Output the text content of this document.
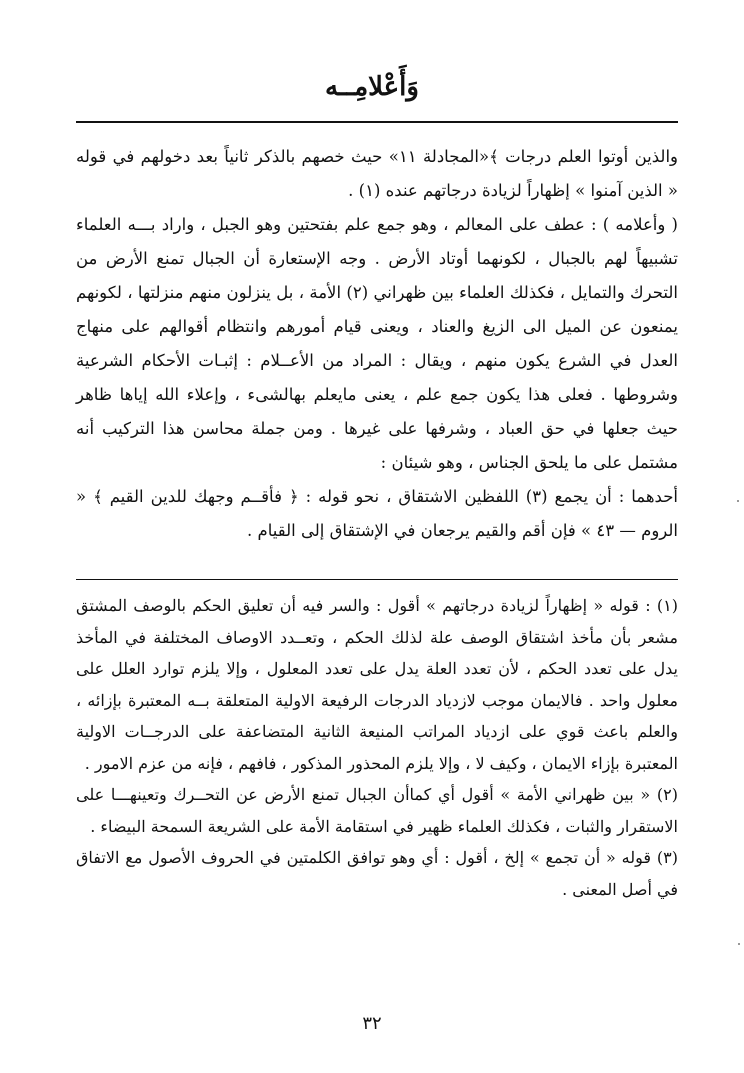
وَأَعْلامِــه

والذين أوتوا العلم درجات ﴾«المجادلة ١١» حيث خصهم بالذكر ثانياً بعد دخولهم في قوله « الذين آمنوا » إظهاراً لزيادة درجاتهم عنده (١) .

( وأعلامه ) : عطف على المعالم ، وهو جمع علم بفتحتين وهو الجبل ، واراد بـــه العلماء تشبيهاً لهم بالجبال ، لكونهما أوتاد الأرض . وجه الإستعارة أن الجبال تمنع الأرض من التحرك والتمايل ، فكذلك العلماء بين ظهراني (٢) الأمة ، بل ينزلون منهم منزلتها ، لكونهم يمنعون عن الميل الى الزيغ والعناد ، ويعنى قيام أمورهم وانتظام أقوالهم على منهاج العدل في الشرع يكون منهم ، ويقال : المراد من الأعــلام : إثبـات الأحكام الشرعية وشروطها . فعلى هذا يكون جمع علم ، يعنى مايعلم بهالشىء ، وإعلاء الله إياها ظاهر حيث جعلها في حق العباد ، وشرفها على غيرها . ومن جملة محاسن هذا التركيب أنه مشتمل على ما يلحق الجناس ، وهو شيئان :

أحدهما : أن يجمع (٣) اللفظين الاشتقاق ، نحو قوله : ﴿ فأقــم وجهك للدين القيم ﴾ « الروم — ٤٣ » فإن أقم والقيم يرجعان في الإشتقاق إلى القيام .

(١) : قوله « إظهاراً لزيادة درجاتهم » أقول : والسر فيه أن تعليق الحكم بالوصف المشتق مشعر بأن مأخذ اشتقاق الوصف علة لذلك الحكم ، وتعــدد الاوصاف المختلفة في المأخذ يدل على تعدد الحكم ، لأن تعدد العلة يدل على تعدد المعلول ، وإلا يلزم توارد العلل على معلول واحد . فالايمان موجب لازدياد الدرجات الرفيعة الاولية المتعلقة بــه المعتبرة بإزائه ، والعلم باعث قوي على ازدياد المراتب المنيعة الثانية المتضاعفة على الدرجــات الاولية المعتبرة بإزاء الايمان ، وكيف لا ، وإلا يلزم المحذور المذكور ، فافهم ، فإنه من عزم الامور .

(٢) « بين ظهراني الأمة » أقول أي كماأن الجبال تمنع الأرض عن التحــرك وتعينهـــا على الاستقرار والثبات ، فكذلك العلماء ظهير في استقامة الأمة على الشريعة السمحة البيضاء .

(٣) قوله « أن تجمع » إلخ ، أقول : أي وهو توافق الكلمتين في الحروف الأصول مع الاتفاق في أصل المعنى .

٣٢
